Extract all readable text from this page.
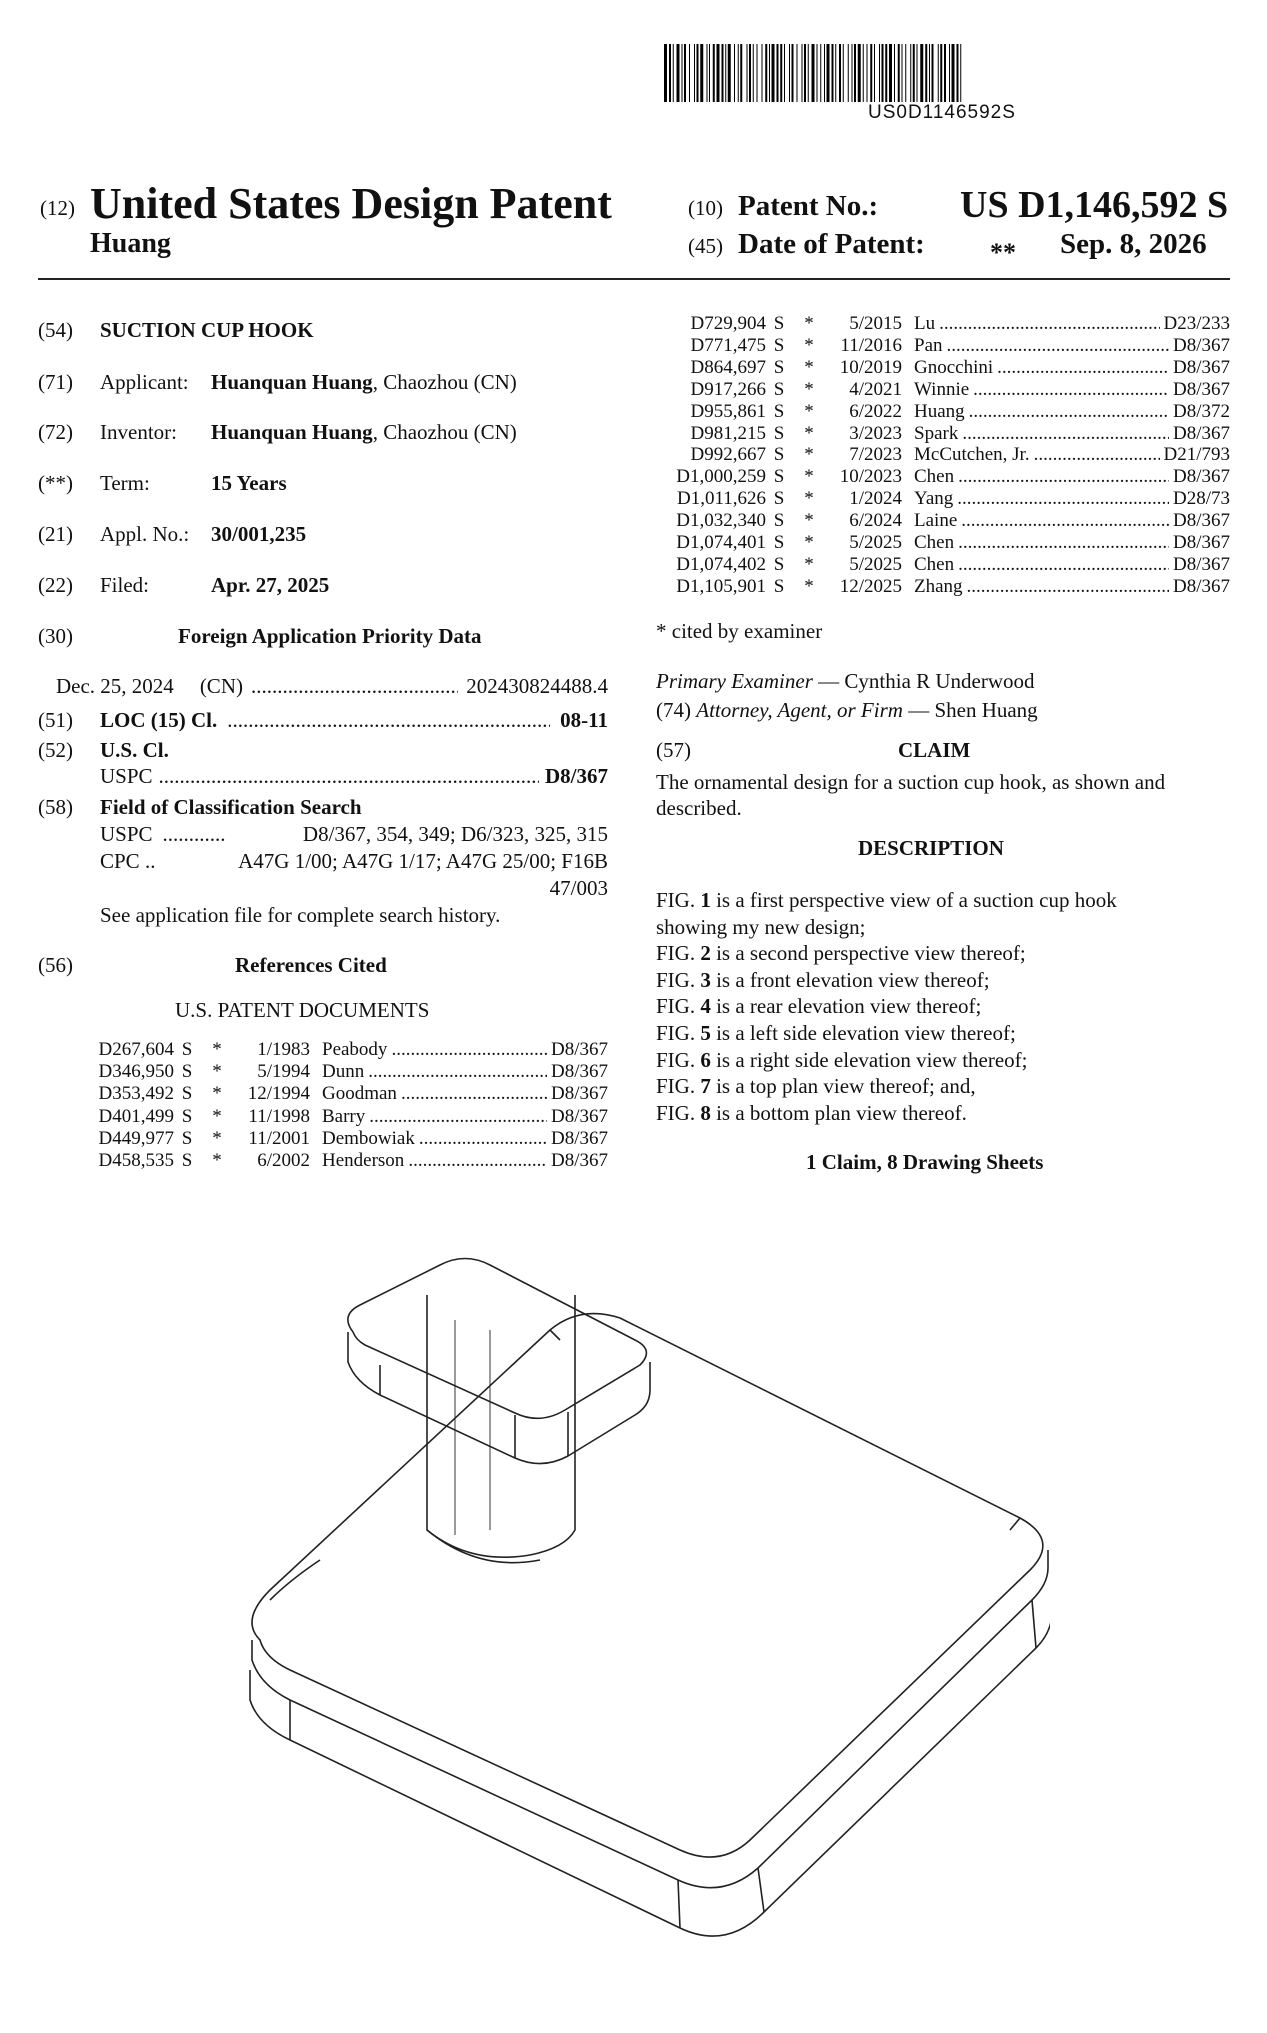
US0D1146592S
(12) United States Design Patent
Huang
(10) Patent No.: US D1,146,592 S
(45) Date of Patent:	** Sep. 8, 2026
(54) SUCTION CUP HOOK
(71) Applicant: Huanquan Huang, Chaozhou (CN)
(72) Inventor: Huanquan Huang, Chaozhou (CN)
(**) Term:	15 Years
(21) Appl. No.: 30/001,235
(22) Filed:	Apr. 27, 2025
(30)	Foreign Application Priority Data
Dec. 25, 2024 (CN) .....	202430824488.4
(51) LOC (15) Cl. .....	08-11
(52) U.S. Cl.
USPC .....	D8/367
(58) Field of Classification Search
USPC .....	D8/367, 354, 349; D6/323, 325, 315
CPC ..	A47G 1/00; A47G 1/17; A47G 25/00; F16B
47/003
See application file for complete search history.
(56)	References Cited
U.S. PATENT DOCUMENTS
D267,604 S	*	1/1983 Peabody .....	D8/367
D346,950 S	*	5/1994 Dunn .....	D8/367
D353,492 S	*	12/1994 Goodman .....	D8/367
D401,499 S	*	11/1998 Barry .....	D8/367
D449,977 S	*	11/2001 Dembowiak .....	D8/367
D458,535 S	*	6/2002 Henderson .....	D8/367
D729,904 S	*	5/2015 Lu .....	D23/233
D771,475 S	*	11/2016 Pan .....	D8/367
D864,697 S	*	10/2019 Gnocchini .....	D8/367
D917,266 S	*	4/2021 Winnie .....	D8/367
D955,861 S	*	6/2022 Huang .....	D8/372
D981,215 S	*	3/2023 Spark .....	D8/367
D992,667 S	*	7/2023 McCutchen, Jr. .....	D21/793
D1,000,259 S	*	10/2023 Chen .....	D8/367
D1,011,626 S	*	1/2024 Yang .....	D28/73
D1,032,340 S	*	6/2024 Laine .....	D8/367
D1,074,401 S	*	5/2025 Chen .....	D8/367
D1,074,402 S	*	5/2025 Chen .....	D8/367
D1,105,901 S	*	12/2025 Zhang .....	D8/367
* cited by examiner
Primary Examiner — Cynthia R Underwood
(74) Attorney, Agent, or Firm — Shen Huang
(57)	CLAIM
The ornamental design for a suction cup hook, as shown and
described.
DESCRIPTION
FIG. 1 is a first perspective view of a suction cup hook
showing my new design;
FIG. 2 is a second perspective view thereof;
FIG. 3 is a front elevation view thereof;
FIG. 4 is a rear elevation view thereof;
FIG. 5 is a left side elevation view thereof;
FIG. 6 is a right side elevation view thereof;
FIG. 7 is a top plan view thereof; and,
FIG. 8 is a bottom plan view thereof.
1 Claim, 8 Drawing Sheets
